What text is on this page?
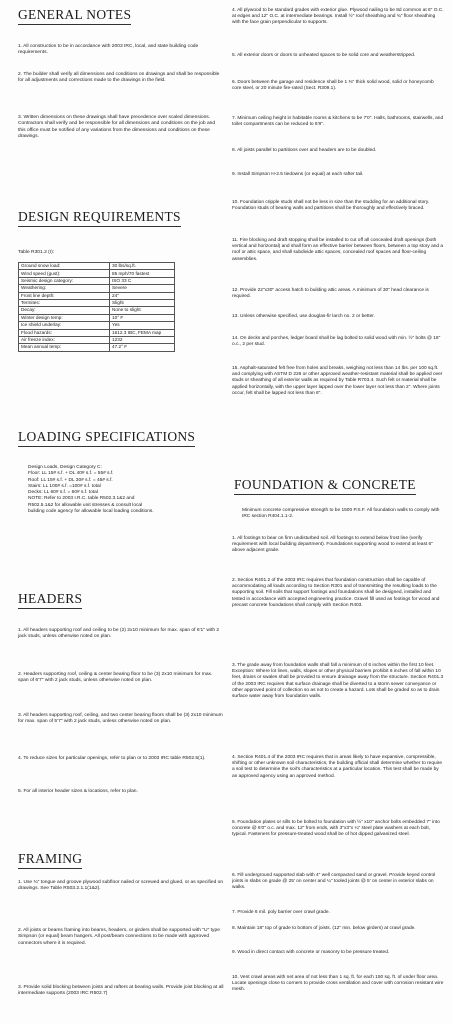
GENERAL NOTES

1. All construction to be in accordance with 2003 IRC, local, and state building code requirements.

2. The builder shall verify all dimensions and conditions on drawings and shall be responsible for all adjustments and corrections made to the drawings in the field.

3. Written dimensions on these drawings shall have precedence over scaled dimensions. Contractors shall verify and be responsible for all dimensions and conditions on the job and this office must be notified of any variations from the dimensions and conditions on these drawings.

DESIGN REQUIREMENTS

Table R301.2 (I):

Ground snow load:	30 lbs/sq.ft.
Wind speed (gust):	85 mph/70 fastest
Seismic design category:	ISO 33 C
Weathering:	Severe
Frost line depth:	24"
Termites:	Slight
Decay:	None to slight
Winter design temp:	10° F
Ice shield underlay:	Yes
Flood hazards:	1612.3 IBC, FEMA map
Air freeze index:	1232
Mean annual temp:	47.2° F
LOADING SPECIFICATIONS

Design Loads, Design Category C:

Floor: LL 15# s.f. + DL 40# s.f. = 55# s.f.

Roof: LL 15# s.f. + DL 30# s.f. = 45# s.f.

Stairs: LL 100# s.f. =100# s.f. total

Decks: LL 60# s.f. = 60# s.f. total

NOTE: Refer to 2003 I.R.C. table R502.3.1&2 and

R502.5.1&2 for allowable unit stresses & consult local

building code agency for allowable local loading conditions.

HEADERS

1. All headers supporting roof and ceiling to be (2) 2x10 minimum for max. span of 6'1" with 2 jack studs, unless otherwise noted on plan.

2. Headers supporting roof, ceiling & center bearing floor to be (3) 2x10 minimum for max. span of 6'7" with 2 jack studs, unless otherwise noted on plan.

3. All headers supporting roof, ceiling, and two center bearing floors shall be (3) 2x10 minimum for max. span of 5'7" with 2 jack studs, unless otherwise noted on plan.

4. To reduce sizes for particular openings, refer to plan or to 2003 IRC table R502.5(1).

5. For all interior header sizes & locations, refer to plan.

FRAMING

1. Use ¾" tongue and groove plywood subfloor nailed or screwed and glued, or as specified on drawings. See Table R503.2.1.1(1&2).

2. All joists or beams framing into beams, headers, or girders shall be supported with "U" type Simpson (or equal) beam hangers. All post/beam connections to be made with approved connectors where it is required.

3. Provide solid blocking between joists and rafters at bearing walls. Provide joist blocking at all intermediate supports (2003 IRC R502.7)

4. All plywood to be standard grades with exterior glue. Plywood nailing to be 8d common at 6" O.C. at edges and 12" O.C. at intermediate bearings. Install ½" roof sheathing and ¾" floor sheathing with the face grain perpendicular to supports.

5. All exterior doors or doors to unheated spaces to be solid core and weatherstripped.

6. Doors between the garage and residence shall be 1 ⅜" thick solid wood, solid or honeycomb core steel, or 20 minute fire-rated (Sect. R309.1).

7. Minimum ceiling height in habitable rooms & kitchens to be 7'0". Halls, bathrooms, stairwells, and toilet compartments can be reduced to 6'8".

8. All joists parallel to partitions over and headers are to be doubled.

9. Install Simpson H-2.5 tiedowns (or equal) at each rafter tail.

10. Foundation cripple studs shall not be less in size than the studding for an additional story. Foundation studs of bearing walls and partitions shall be thoroughly and effectively braced.

11. Fire blocking and draft stopping shall be installed to cut off all concealed draft openings (both vertical and horizontal) and shall form an effective barrier between floors, between a top story and a roof or attic space, and shall subdivide attic spaces, concealed roof spaces and floor-ceiling assemblies.

12. Provide 22"x30" access hatch to building attic areas. A minimum of 30" head clearance is required.

13. Unless otherwise specified, use douglas-fir larch no. 2 or better.

14. On decks and porches, ledger board shall be lag bolted to solid wood with min. ½" bolts @ 16" o.c., 2 per stud.

15. Asphalt-saturated felt free from holes and breaks, weighing not less than 14 lbs. per 100 sq.ft. and complying with ASTM D 226 or other approved weather-resistant material shall be applied over studs or sheathing of all exterior walls as required by Table R703.4. Such felt or material shall be applied horizontally, with the upper layer lapped over the lower layer not less than 2". Where joints occur, felt shall be lapped not less than 6".

FOUNDATION & CONCRETE

Minimum concrete compressive strength to be 1500 P.S.F. All foundation walls to comply with IRC section R404.1.1-2.

1. All footings to bear on firm undisturbed soil. All footings to extend below frost line (verify requirement with local building department). Foundations supporting wood to extend at least 6" above adjacent grade.

2. Section R401.2 of the 2003 IRC requires that foundation construction shall be capable of accommodating all loads according to Section R301 and of transmitting the resulting loads to the supporting soil. Fill soils that support footings and foundations shall be designed, installed and tested in accordance with accepted engineering practice. Gravel fill used as footings for wood and precast concrete foundations shall comply with Section R403.

3. The grade away from foundation walls shall fall a minimum of 6 inches within the first 10 feet. Exception: Where lot lines, walls, slopes or other physical barriers prohibit 6 inches of fall within 10 feet, drains or swales shall be provided to ensure drainage away from the structure. Section R401.3 of the 2003 IRC requires that surface drainage shall be diverted to a storm sewer conveyance or other approved point of collection so as not to create a hazard. Lots shall be graded so as to drain surface water away from foundation walls.

4. Section R401.4 of the 2003 IRC requires that in areas likely to have expansive, compressible, shifting or other unknown soil characteristics, the building official shall determine whether to require a soil test to determine the soil's characteristics at a particular location. This test shall be made by an approved agency using an approved method.

5. Foundation plates or sills to be bolted to foundation with ½" x10" anchor bolts embedded 7" into concrete @ 6'0" o.c. and max. 12" from ends, with 3"x3"x ¼" steel plate washers at each bolt, typical. Fasteners for pressure-treated wood shall be of hot dipped galvanized steel.

6. Fill underground supported slab with 4" well compacted sand or gravel. Provide keyed control joints in slabs on grade @ 25' on center and ¼" tooled joints @ 5' on center in exterior slabs on walks.

7. Provide 6 mil. poly barrier over crawl grade.

8. Maintain 18" top of grade to bottom of joists. (12" min. below girders) at crawl grade.

9. Wood in direct contact with concrete or masonry to be pressure treated.

10. Vent crawl areas with net area of not less than 1 sq. ft. for each 150 sq. ft. of under floor area. Locate openings close to corners to provide cross ventilation and cover with corrosion resistant wire mesh.
